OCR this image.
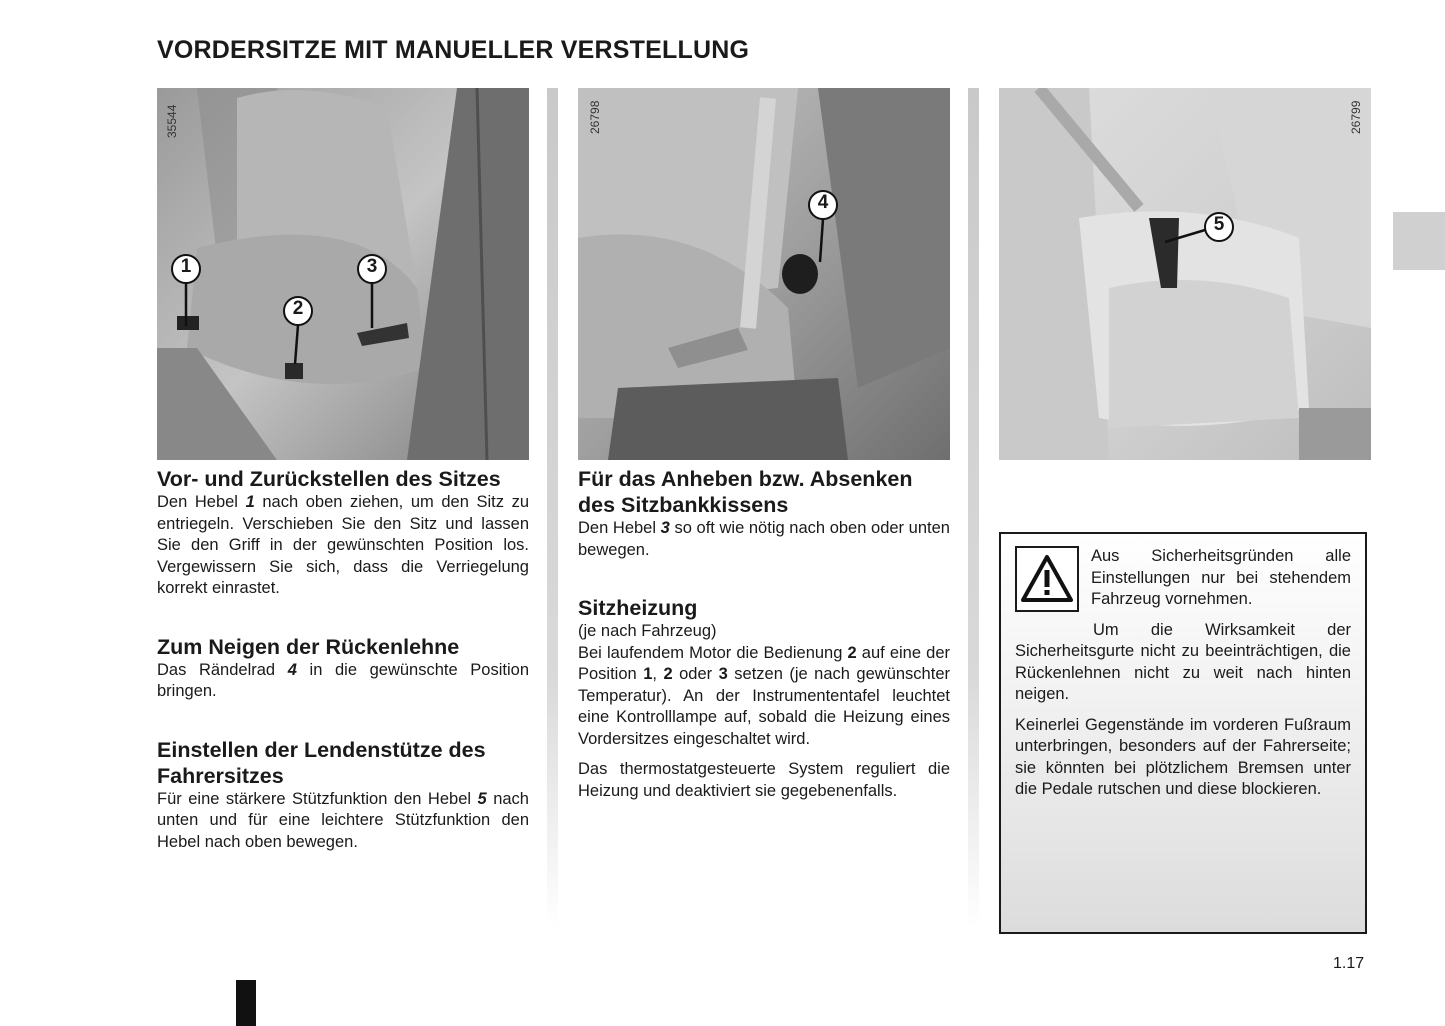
VORDERSITZE MIT MANUELLER VERSTELLUNG
1
2
3
35544
4
26798
5
26799
Vor- und Zurückstellen des Sitzes

Den Hebel 1 nach oben ziehen, um den Sitz zu entriegeln. Verschieben Sie den Sitz und lassen Sie den Griff in der gewünschten Position los. Vergewissern Sie sich, dass die Verriegelung korrekt einrastet.

Zum Neigen der Rückenlehne

Das Rändelrad 4 in die gewünschte Position bringen.

Einstellen der Lendenstütze des Fahrersitzes

Für eine stärkere Stützfunktion den Hebel 5 nach unten und für eine leichtere Stützfunktion den Hebel nach oben bewegen.

Für das Anheben bzw. Absenken des Sitzbankkissens

Den Hebel 3 so oft wie nötig nach oben oder unten bewegen.

Sitzheizung
(je nach Fahrzeug)

Bei laufendem Motor die Bedienung 2 auf eine der Position 1, 2 oder 3 setzen (je nach gewünschter Temperatur). An der Instrumententafel leuchtet eine Kontrolllampe auf, sobald die Heizung eines Vordersitzes eingeschaltet wird.

Das thermostatgesteuerte System reguliert die Heizung und deaktiviert sie gegebenenfalls.

Aus Sicherheitsgründen alle Einstellungen nur bei stehendem Fahrzeug vornehmen.

Um die Wirksamkeit der Sicherheitsgurte nicht zu beeinträchtigen, die Rückenlehnen nicht zu weit nach hinten neigen.

Keinerlei Gegenstände im vorderen Fußraum unterbringen, besonders auf der Fahrerseite; sie könnten bei plötzlichem Bremsen unter die Pedale rutschen und diese blockieren.

1.17
